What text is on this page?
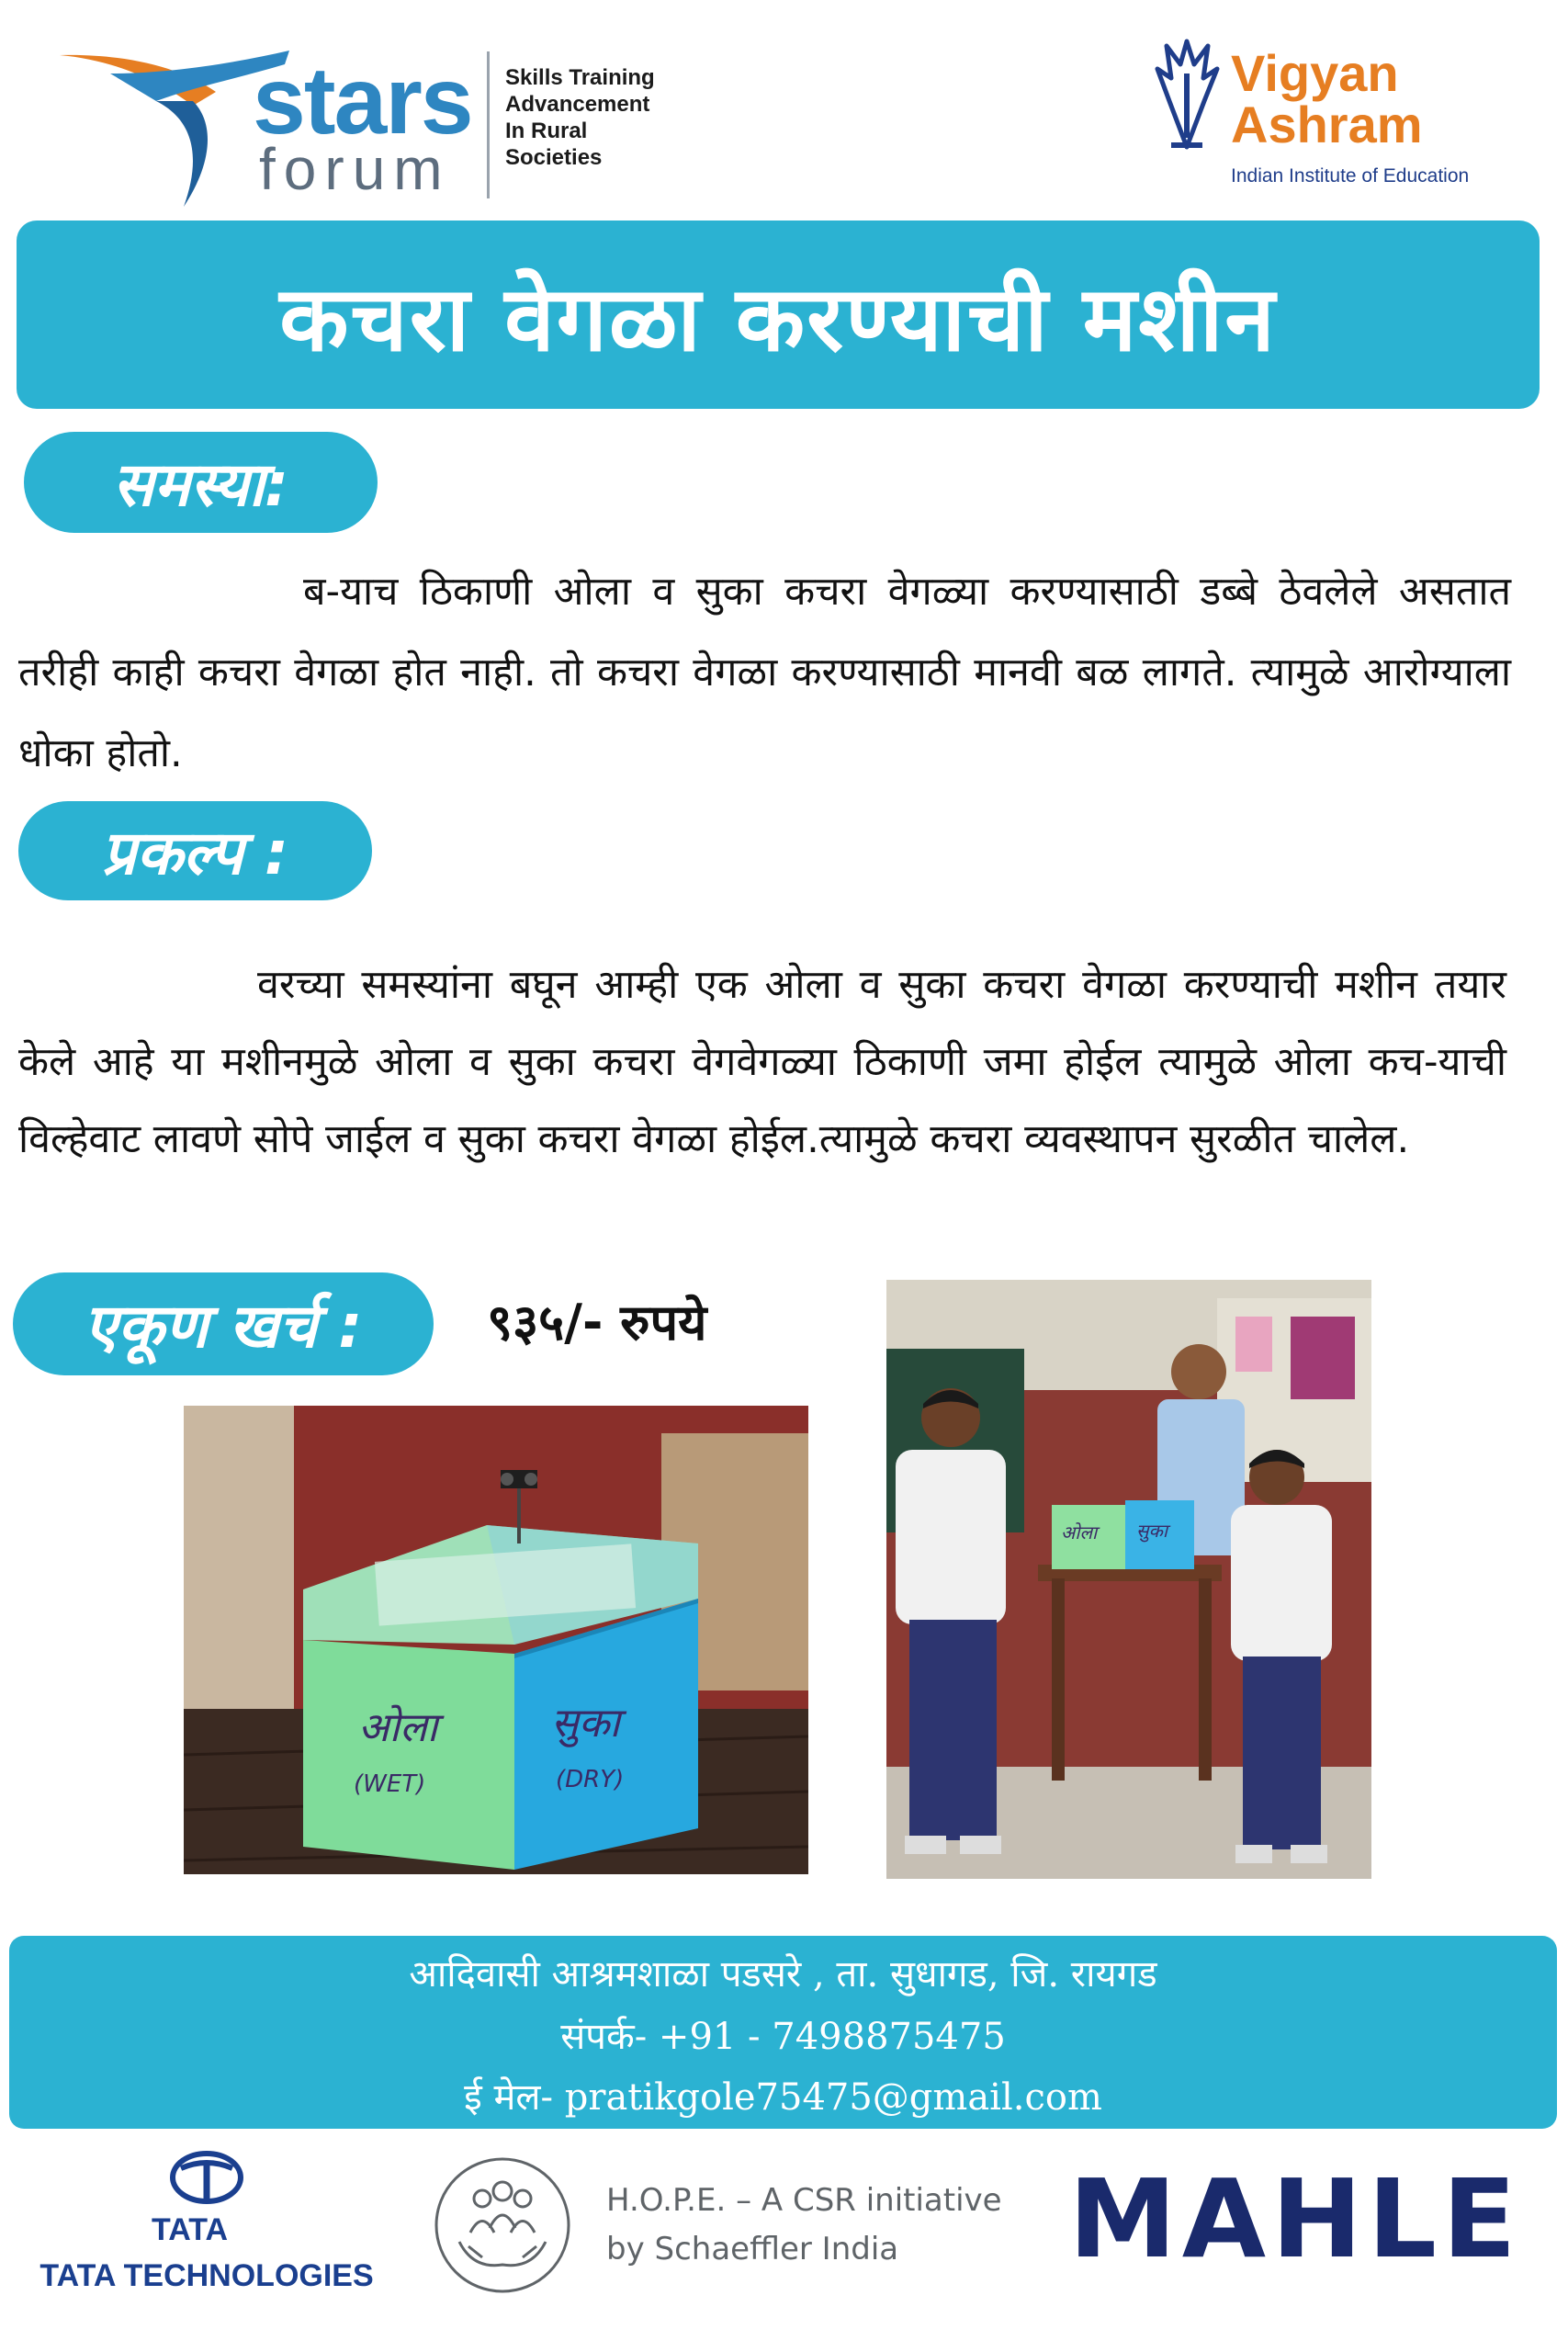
stars
forum
Skills Training
Advancement
In Rural
Societies
Vigyan
Ashram
Indian Institute of Education
कचरा वेगळा करण्याची मशीन
समस्या:
ब-याच ठिकाणी ओला व सुका कचरा वेगळ्या करण्यासाठी डब्बे ठेवलेले असतात तरीही काही कचरा वेगळा होत नाही. तो कचरा वेगळा करण्यासाठी मानवी बळ लागते. त्यामुळे आरोग्याला धोका होतो.
प्रकल्प :
वरच्या समस्यांना बघून आम्ही एक ओला व सुका कचरा वेगळा करण्याची मशीन तयार केले आहे या मशीनमुळे ओला व सुका कचरा वेगवेगळ्या ठिकाणी जमा होईल त्यामुळे ओला कच-याची विल्हेवाट लावणे सोपे जाईल व सुका कचरा वेगळा होईल.त्यामुळे कचरा व्यवस्थापन सुरळीत चालेल.
एकूण खर्च :	९३५/- रुपये
ओला
(WET)
सुका
(DRY)
ओला सुका
आदिवासी आश्रमशाळा पडसरे , ता. सुधागड, जि. रायगड
संपर्क- +91 - 7498875475
ई मेल- pratikgole75475@gmail.com
TATA
TATA TECHNOLOGIES
H.O.P.E. – A CSR initiative
by Schaeffler India MAHLE
